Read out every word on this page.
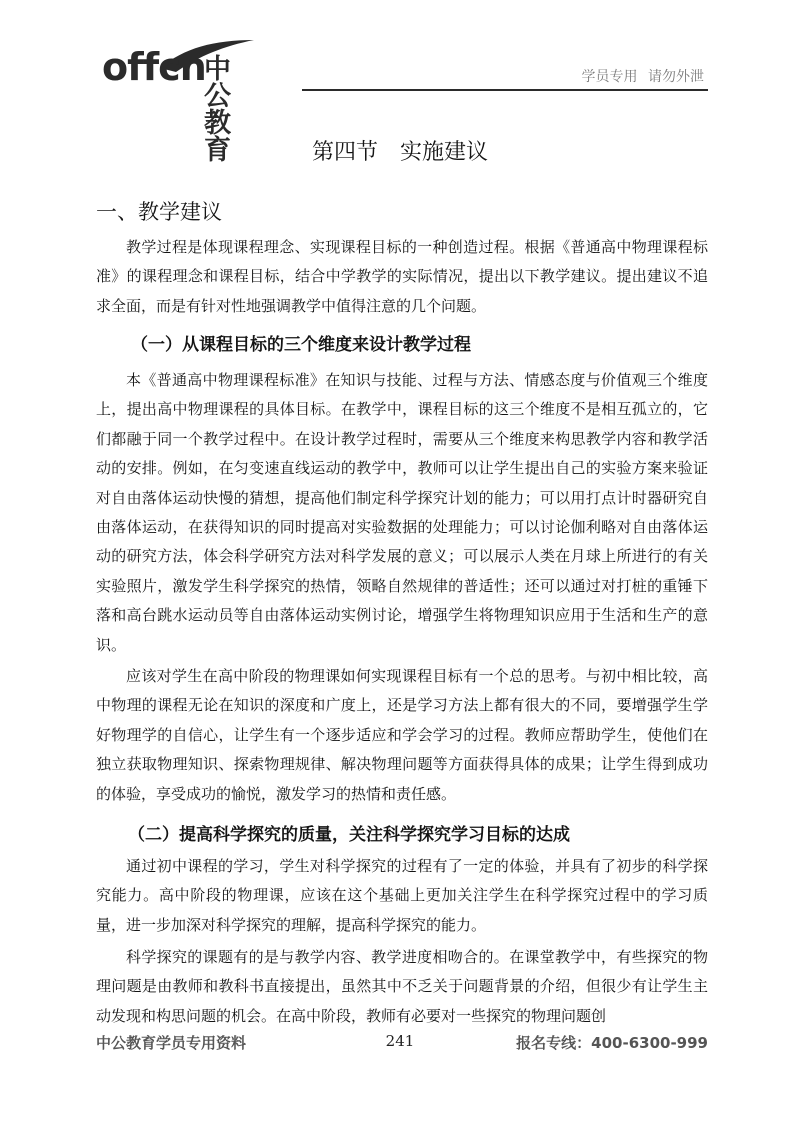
offcn
中公教育
学员专用 请勿外泄
第四节　实施建议
一、教学建议

教学过程是体现课程理念、实现课程目标的一种创造过程。根据《普通高中物理课程标准》的课程理念和课程目标，结合中学教学的实际情况，提出以下教学建议。提出建议不追求全面，而是有针对性地强调教学中值得注意的几个问题。

（一）从课程目标的三个维度来设计教学过程

本《普通高中物理课程标准》在知识与技能、过程与方法、情感态度与价值观三个维度上，提出高中物理课程的具体目标。在教学中，课程目标的这三个维度不是相互孤立的，它们都融于同一个教学过程中。在设计教学过程时，需要从三个维度来构思教学内容和教学活动的安排。例如，在匀变速直线运动的教学中，教师可以让学生提出自己的实验方案来验证对自由落体运动快慢的猜想，提高他们制定科学探究计划的能力；可以用打点计时器研究自由落体运动，在获得知识的同时提高对实验数据的处理能力；可以讨论伽利略对自由落体运动的研究方法，体会科学研究方法对科学发展的意义；可以展示人类在月球上所进行的有关实验照片，激发学生科学探究的热情，领略自然规律的普适性；还可以通过对打桩的重锤下落和高台跳水运动员等自由落体运动实例讨论，增强学生将物理知识应用于生活和生产的意识。

应该对学生在高中阶段的物理课如何实现课程目标有一个总的思考。与初中相比较，高中物理的课程无论在知识的深度和广度上，还是学习方法上都有很大的不同，要增强学生学好物理学的自信心，让学生有一个逐步适应和学会学习的过程。教师应帮助学生，使他们在独立获取物理知识、探索物理规律、解决物理问题等方面获得具体的成果；让学生得到成功的体验，享受成功的愉悦，激发学习的热情和责任感。

（二）提高科学探究的质量，关注科学探究学习目标的达成

通过初中课程的学习，学生对科学探究的过程有了一定的体验，并具有了初步的科学探究能力。高中阶段的物理课，应该在这个基础上更加关注学生在科学探究过程中的学习质量，进一步加深对科学探究的理解，提高科学探究的能力。

科学探究的课题有的是与教学内容、教学进度相吻合的。在课堂教学中，有些探究的物理问题是由教师和教科书直接提出，虽然其中不乏关于问题背景的介绍，但很少有让学生主动发现和构思问题的机会。在高中阶段，教师有必要对一些探究的物理问题创

中公教育学员专用资料	241	报名专线：400-6300-999
